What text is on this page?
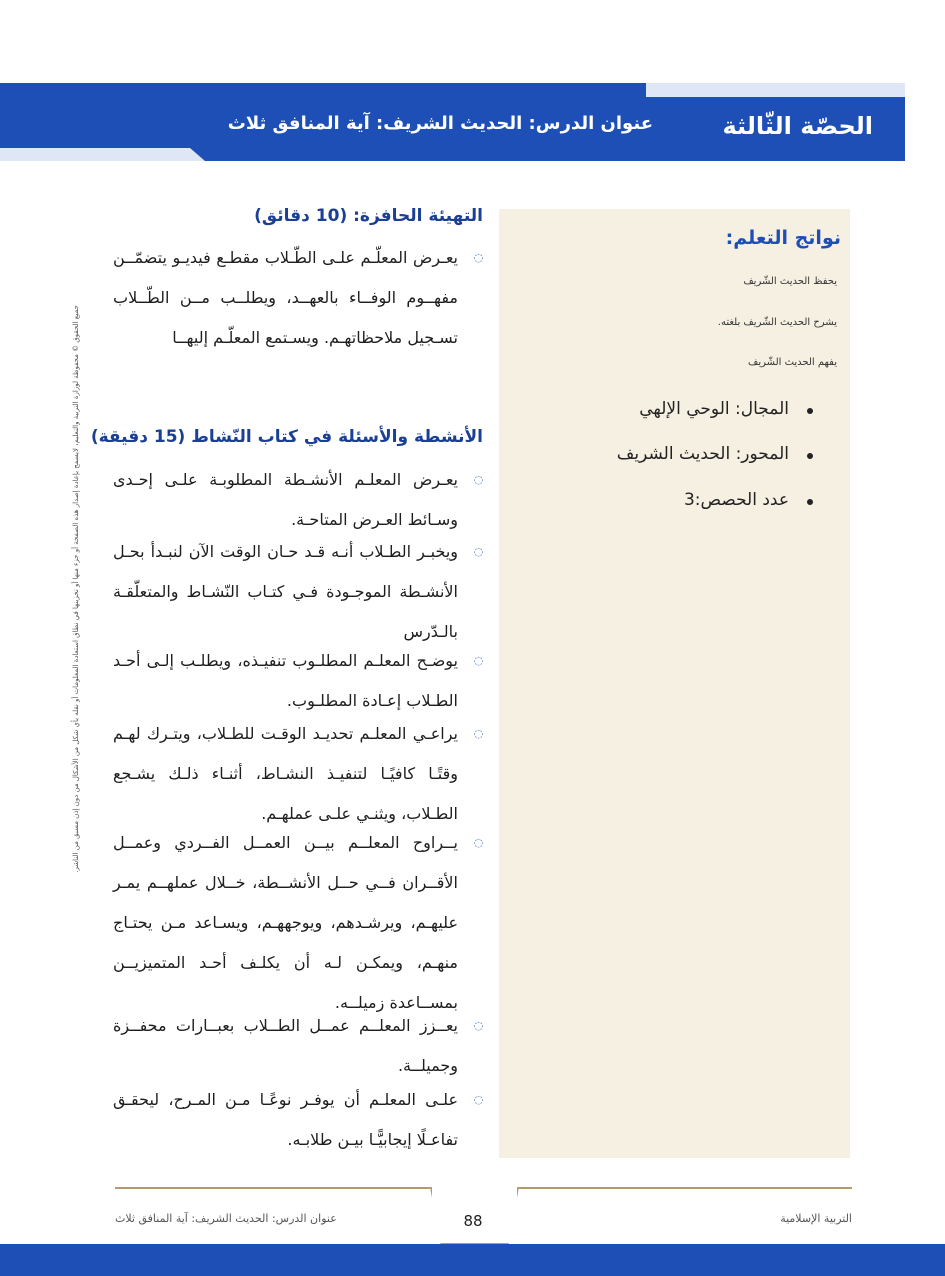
الحصّة الثّالثة
عنوان الدرس: الحديث الشريف: آية المنافق ثلاث
نواتج التعلم:
يحفظ الحديث الشّريف
يشرح الحديث الشّريف بلغته.
يفهم الحديث الشّريف
المجال: الوحي الإلهي
المحور: الحديث الشريف
عدد الحصص:3
التهيئة الحافزة: (10 دقائق)
◌

يعـرض المعلّـم علـى الطّـلاب مقطـع فيديـو يتضمّــن مفهــوم الوفــاء بالعهــد، ويطلــب مــن الطّــلاب تسـجيل ملاحظاتهـم. ويسـتمع المعلّـم إليهــا

الأنشطة والأسئلة في كتاب النّشاط (15 دقيقة)
◌

يعـرض المعلـم الأنشـطة المطلوبـة علـى إحـدى وسـائط العـرض المتاحـة.

◌

ويخبـر الطـلاب أنـه قـد حـان الوقت الآن لنبـدأ بحـل الأنشـطة الموجـودة فـي كتـاب النّشـاط والمتعلّقـة بالـدّرس

◌

يوضـح المعلـم المطلـوب تنفيـذه، ويطلـب إلـى أحـد الطـلاب إعـادة المطلـوب.

◌

يراعـي المعلـم تحديـد الوقـت للطـلاب، ويتـرك لهـم وقتًـا كافيًـا لتنفيـذ النشـاط، أثنـاء ذلـك يشـجع الطـلاب، ويثنـي علـى عملهـم.

◌

يــراوح المعلــم بيــن العمــل الفــردي وعمــل الأقــران فــي حــل الأنشــطة، خــلال عملهــم يمـر عليهـم، ويرشـدهم، ويوجههـم، ويسـاعد مـن يحتـاج منهـم، ويمكـن لـه أن يكلـف أحـد المتميزيــن بمســاعدة زميلــه.

◌

يعــزز المعلــم عمــل الطــلاب بعبــارات محفــزة وجميلــة.

◌

علـى المعلـم أن يوفـر نوعًـا مـن المـرح، ليحقـق تفاعـلًا إيجابيًّـا بيـن طلابـه.

جميع الحقوق © محفوظة لوزارة التربية والتعليم، لايسمح بإعادة إصدار هذه الصفحة أو جزء منها أو تخزينها في نطاق استعادة المعلومات أو نقله بأي شكل من الأشكال من دون إذن مسبق من الناشر.
88
عنوان الدرس: الحديث الشريف: آية المنافق ثلاث	التربية الإسلامية
